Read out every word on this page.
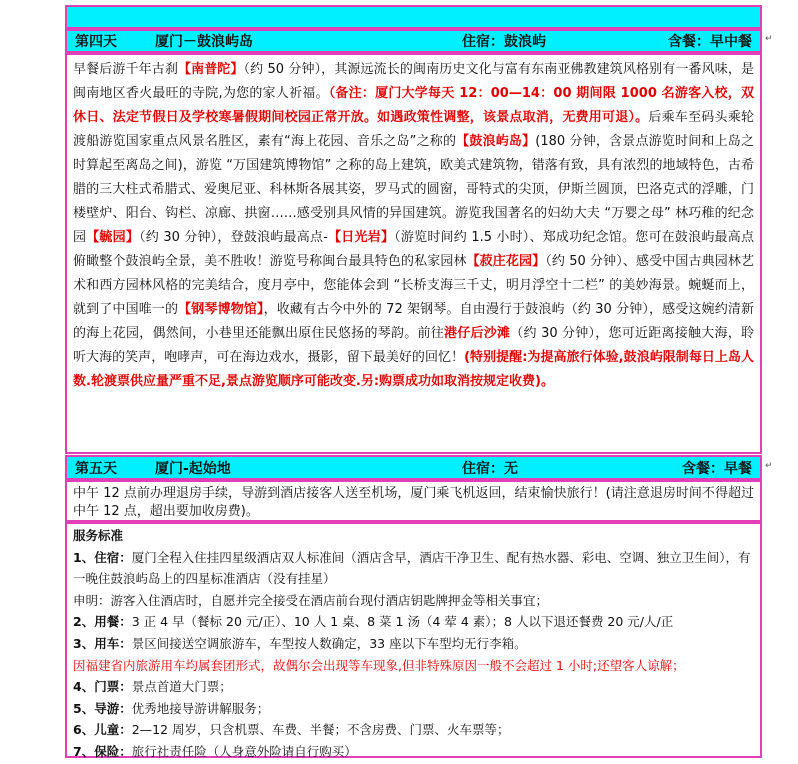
第四天	厦门－鼓浪屿岛	住宿：鼓浪屿	含餐：早中餐 ↵
早餐后游千年古刹【南普陀】（约 50 分钟），其源远流长的闽南历史文化与富有东南亚佛教建筑风格别有一番风味，是闽南地区香火最旺的寺院,为您的家人祈福。（备注：厦门大学每天 12：00—14：00 期间限 1000 名游客入校，双休日、法定节假日及学校寒暑假期间校园正常开放。如遇政策性调整，该景点取消，无费用可退）。后乘车至码头乘轮渡船游览国家重点风景名胜区，素有“海上花园、音乐之岛”之称的【鼓浪屿岛】(180 分钟，含景点游览时间和上岛之时算起至离岛之间)，游览 “万国建筑博物馆” 之称的岛上建筑，欧美式建筑物，错落有致，具有浓烈的地域特色，古希腊的三大柱式希腊式、爱奥尼亚、科林斯各展其姿，罗马式的圆窗，哥特式的尖顶，伊斯兰圆顶，巴洛克式的浮雕，门楼壁炉、阳台、钩栏、凉廊、拱窗……感受别具风情的异国建筑。游览我国著名的妇幼大夫 “万婴之母” 林巧稚的纪念园【毓园】（约 30 分钟），登鼓浪屿最高点-【日光岩】（游览时间约 1.5 小时）、郑成功纪念馆。您可在鼓浪屿最高点俯瞰整个鼓浪屿全景，美不胜收！游览号称闽台最具特色的私家园林【菽庄花园】（约 50 分钟）、感受中国古典园林艺术和西方园林风格的完美结合，度月亭中，您能体会到 “长桥支海三千丈，明月浮空十二栏” 的美妙海景。蜿蜒而上，就到了中国唯一的【钢琴博物馆】，收藏有古今中外的 72 架钢琴。自由漫行于鼓浪屿（约 30 分钟），感受这婉约清新的海上花园，偶然间，小巷里还能飘出原住民悠扬的琴韵。前往港仔后沙滩（约 30 分钟），您可近距离接触大海，聆听大海的笑声，咆哮声，可在海边戏水，摄影，留下最美好的回忆！(特别提醒:为提高旅行体验,鼓浪屿限制每日上岛人数.轮渡票供应量严重不足,景点游览顺序可能改变.另:购票成功如取消按规定收费)。
第五天	厦门-起始地	住宿：无	含餐：早餐 ↵
中午 12 点前办理退房手续，导游到酒店接客人送至机场，厦门乘飞机返回，结束愉快旅行！(请注意退房时间不得超过中午 12 点，超出要加收房费)。
服务标准
1、住宿：厦门全程入住挂四星级酒店双人标准间（酒店含早，酒店干净卫生、配有热水器、彩电、空调、独立卫生间），有一晚住鼓浪屿岛上的四星标准酒店（没有挂星）
申明：游客入住酒店时，自愿并完全接受在酒店前台现付酒店钥匙牌押金等相关事宜；
2、用餐：3 正 4 早（餐标 20 元/正）、10 人 1 桌、8 菜 1 汤（4 荤 4 素）；8 人以下退还餐费 20 元/人/正
3、用车：景区间接送空调旅游车，车型按人数确定，33 座以下车型均无行李箱。
因福建省内旅游用车均属套团形式，故偶尔会出现等车现象,但非特殊原因一般不会超过 1 小时;还望客人谅解；
4、门票：景点首道大门票；
5、导游：优秀地接导游讲解服务；
6、儿童：2—12 周岁，只含机票、车费、半餐；不含房费、门票、火车票等；
7、保险：旅行社责任险（人身意外险请自行购买）
